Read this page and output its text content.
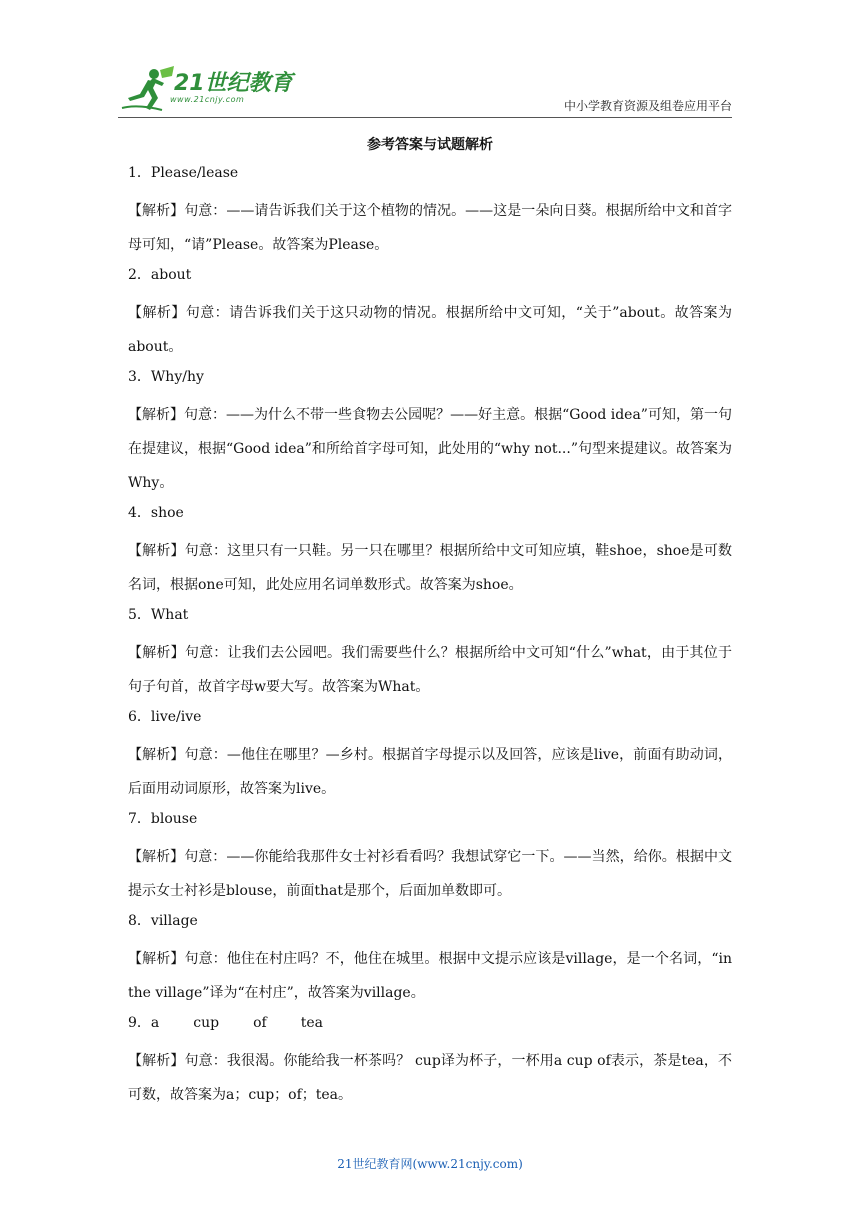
21世纪教育
www.21cnjy.com	中小学教育资源及组卷应用平台
参考答案与试题解析
1．Please/lease
【解析】句意：——请告诉我们关于这个植物的情况。——这是一朵向日葵。根据所给中文和首字母可知，“请”Please。故答案为Please。
2．about
【解析】句意：请告诉我们关于这只动物的情况。根据所给中文可知，“关于”about。故答案为about。
3．Why/hy
【解析】句意：——为什么不带一些食物去公园呢？——好主意。根据“Good idea”可知，第一句在提建议，根据“Good idea”和所给首字母可知，此处用的“why not...”句型来提建议。故答案为Why。
4．shoe
【解析】句意：这里只有一只鞋。另一只在哪里？根据所给中文可知应填，鞋shoe，shoe是可数名词，根据one可知，此处应用名词单数形式。故答案为shoe。
5．What
【解析】句意：让我们去公园吧。我们需要些什么？根据所给中文可知“什么”what，由于其位于句子句首，故首字母w要大写。故答案为What。
6．live/ive
【解析】句意：—他住在哪里？—乡村。根据首字母提示以及回答，应该是live，前面有助动词，后面用动词原形，故答案为live。
7．blouse
【解析】句意：——你能给我那件女士衬衫看看吗？我想试穿它一下。——当然，给你。根据中文提示女士衬衫是blouse，前面that是那个，后面加单数即可。
8．village
【解析】句意：他住在村庄吗？不，他住在城里。根据中文提示应该是village，是一个名词，“in the village”译为“在村庄”，故答案为village。
9．a cup of tea
【解析】句意：我很渴。你能给我一杯茶吗？ cup译为杯子，一杯用a cup of表示，茶是tea，不可数，故答案为a；cup；of；tea。
21世纪教育网(www.21cnjy.com)
